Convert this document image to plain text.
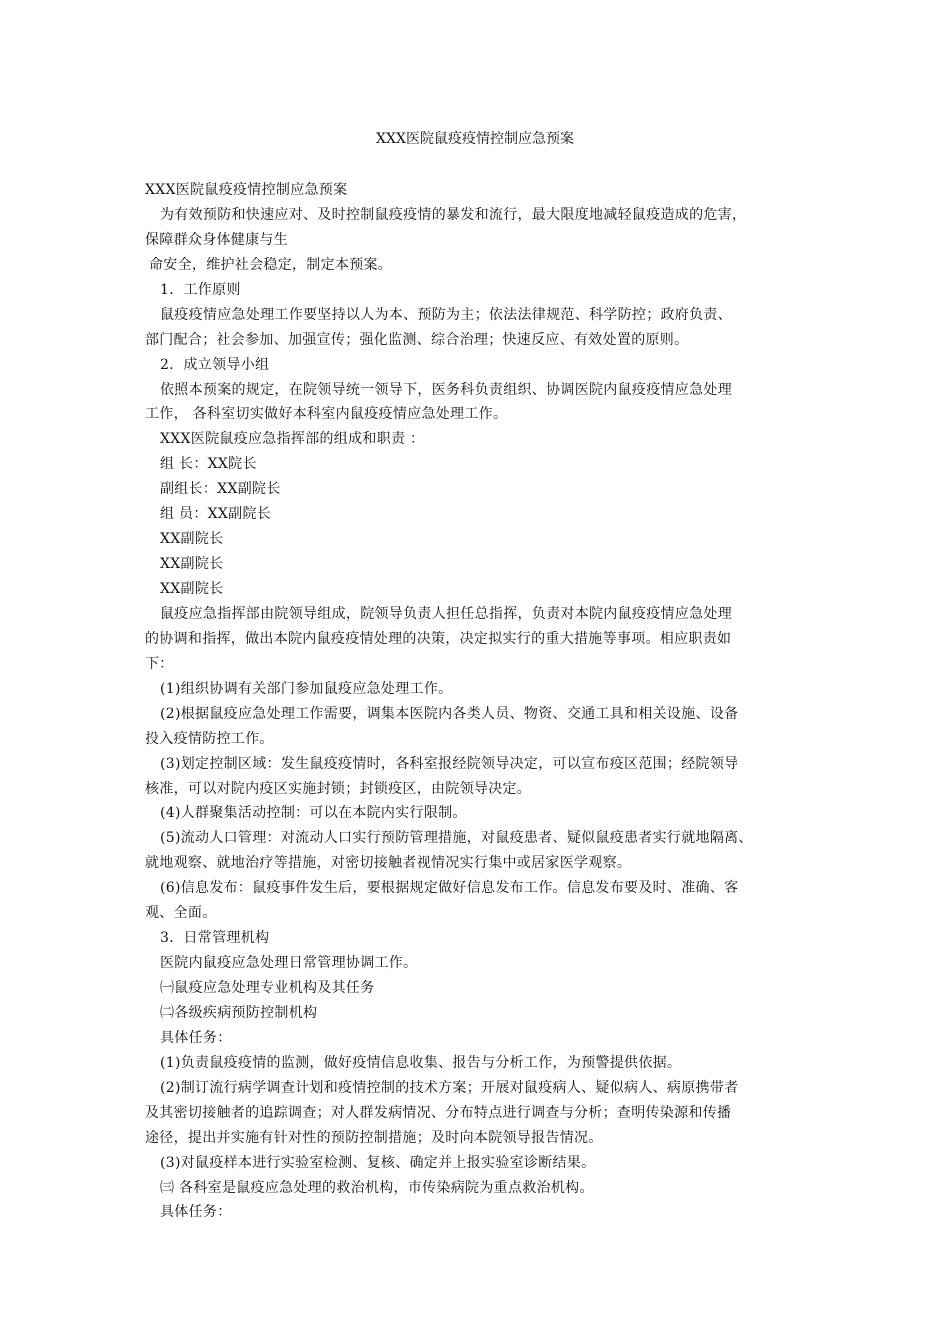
XXX医院鼠疫疫情控制应急预案
XXX医院鼠疫疫情控制应急预案
为有效预防和快速应对、及时控制鼠疫疫情的暴发和流行，最大限度地减轻鼠疫造成的危害，
保障群众身体健康与生
命安全，维护社会稳定，制定本预案。
1．工作原则
鼠疫疫情应急处理工作要坚持以人为本、预防为主；依法法律规范、科学防控；政府负责、
部门配合；社会参加、加强宣传；强化监测、综合治理；快速反应、有效处置的原则。
2．成立领导小组
依照本预案的规定，在院领导统一领导下，医务科负责组织、协调医院内鼠疫疫情应急处理
工作， 各科室切实做好本科室内鼠疫疫情应急处理工作。
XXX医院鼠疫应急指挥部的组成和职责 ：
组 长：XX院长
副组长：XX副院长
组 员：XX副院长
XX副院长
XX副院长
XX副院长
鼠疫应急指挥部由院领导组成，院领导负责人担任总指挥，负责对本院内鼠疫疫情应急处理
的协调和指挥，做出本院内鼠疫疫情处理的决策，决定拟实行的重大措施等事项。相应职责如
下：
(1)组织协调有关部门参加鼠疫应急处理工作。
(2)根据鼠疫应急处理工作需要，调集本医院内各类人员、物资、交通工具和相关设施、设备
投入疫情防控工作。
(3)划定控制区域：发生鼠疫疫情时，各科室报经院领导决定，可以宣布疫区范围；经院领导
核准，可以对院内疫区实施封锁；封锁疫区，由院领导决定。
(4)人群聚集活动控制：可以在本院内实行限制。
(5)流动人口管理：对流动人口实行预防管理措施，对鼠疫患者、疑似鼠疫患者实行就地隔离、
就地观察、就地治疗等措施，对密切接触者视情况实行集中或居家医学观察。
(6)信息发布：鼠疫事件发生后，要根据规定做好信息发布工作。信息发布要及时、准确、客
观、全面。
3．日常管理机构
医院内鼠疫应急处理日常管理协调工作。
㈠鼠疫应急处理专业机构及其任务
㈡各级疾病预防控制机构
具体任务：
(1)负责鼠疫疫情的监测，做好疫情信息收集、报告与分析工作，为预警提供依据。
(2)制订流行病学调查计划和疫情控制的技术方案；开展对鼠疫病人、疑似病人、病原携带者
及其密切接触者的追踪调查；对人群发病情况、分布特点进行调查与分析；查明传染源和传播
途径，提出并实施有针对性的预防控制措施；及时向本院领导报告情况。
(3)对鼠疫样本进行实验室检测、复核、确定并上报实验室诊断结果。
㈢ 各科室是鼠疫应急处理的救治机构，市传染病院为重点救治机构。
具体任务：
